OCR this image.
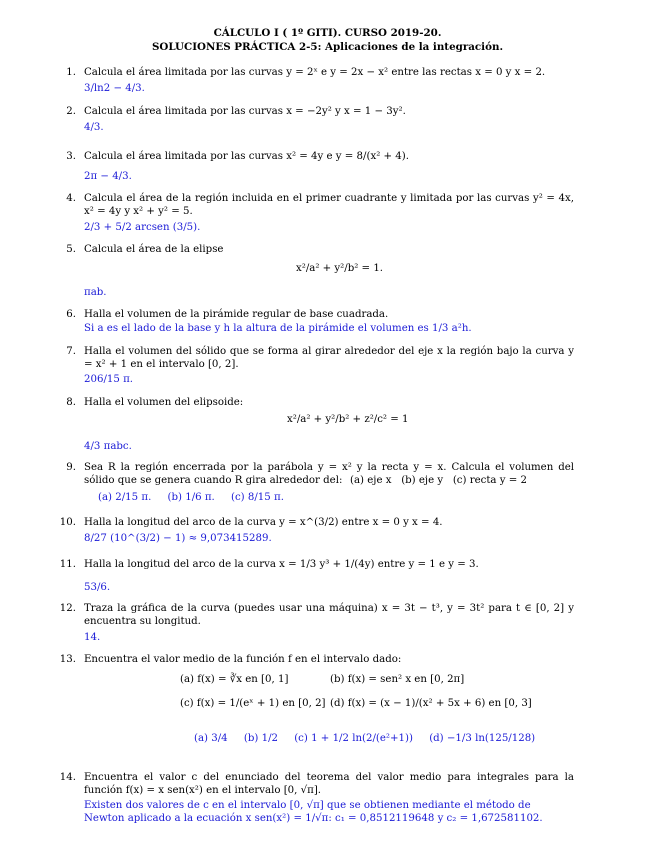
CÁLCULO I ( 1º GITI). CURSO 2019-20.
SOLUCIONES PRÁCTICA 2-5: Aplicaciones de la integración.
1. Calcula el área limitada por las curvas y = 2ˣ e y = 2x − x² entre las rectas x = 0 y x = 2.
3/ln2 − 4/3.
2. Calcula el área limitada por las curvas x = −2y² y x = 1 − 3y².
4/3.
3. Calcula el área limitada por las curvas x² = 4y e y = 8/(x² + 4).
2π − 4/3.
4. Calcula el área de la región incluida en el primer cuadrante y limitada por las curvas y² = 4x, x² = 4y y x² + y² = 5.
2/3 + 5/2 arcsen (3/5).
5. Calcula el área de la elipse
x²/a² + y²/b² = 1.
πab.
6. Halla el volumen de la pirámide regular de base cuadrada.
Si a es el lado de la base y h la altura de la pirámide el volumen es 1/3 a²h.
7. Halla el volumen del sólido que se forma al girar alrededor del eje x la región bajo la curva y = x² + 1 en el intervalo [0, 2].
206/15 π.
8. Halla el volumen del elipsoide:
x²/a² + y²/b² + z²/c² = 1
4/3 πabc.
9. Sea R la región encerrada por la parábola y = x² y la recta y = x. Calcula el volumen del sólido que se genera cuando R gira alrededor del: (a) eje x (b) eje y (c) recta y = 2
(a) 2/15 π. (b) 1/6 π. (c) 8/15 π.
10. Halla la longitud del arco de la curva y = x^(3/2) entre x = 0 y x = 4.
8/27 (10^(3/2) − 1) ≈ 9,073415289.
11. Halla la longitud del arco de la curva x = 1/3 y³ + 1/(4y) entre y = 1 e y = 3.
53/6.
12. Traza la gráfica de la curva (puedes usar una máquina) x = 3t − t³, y = 3t² para t ∈ [0, 2] y encuentra su longitud.
14.
13. Encuentra el valor medio de la función f en el intervalo dado:
(a) f(x) = ∛x en [0, 1]	(b) f(x) = sen² x en [0, 2π]
(c) f(x) = 1/(eˣ + 1) en [0, 2] (d) f(x) = (x − 1)/(x² + 5x + 6) en [0, 3]
(a) 3/4 (b) 1/2 (c) 1 + 1/2 ln(2/(e²+1)) (d) −1/3 ln(125/128)
14. Encuentra el valor c del enunciado del teorema del valor medio para integrales para la función f(x) = x sen(x²) en el intervalo [0, √π].
Existen dos valores de c en el intervalo [0, √π] que se obtienen mediante el método de Newton aplicado a la ecuación x sen(x²) = 1/√π: c₁ = 0,8512119648 y c₂ = 1,672581102.
